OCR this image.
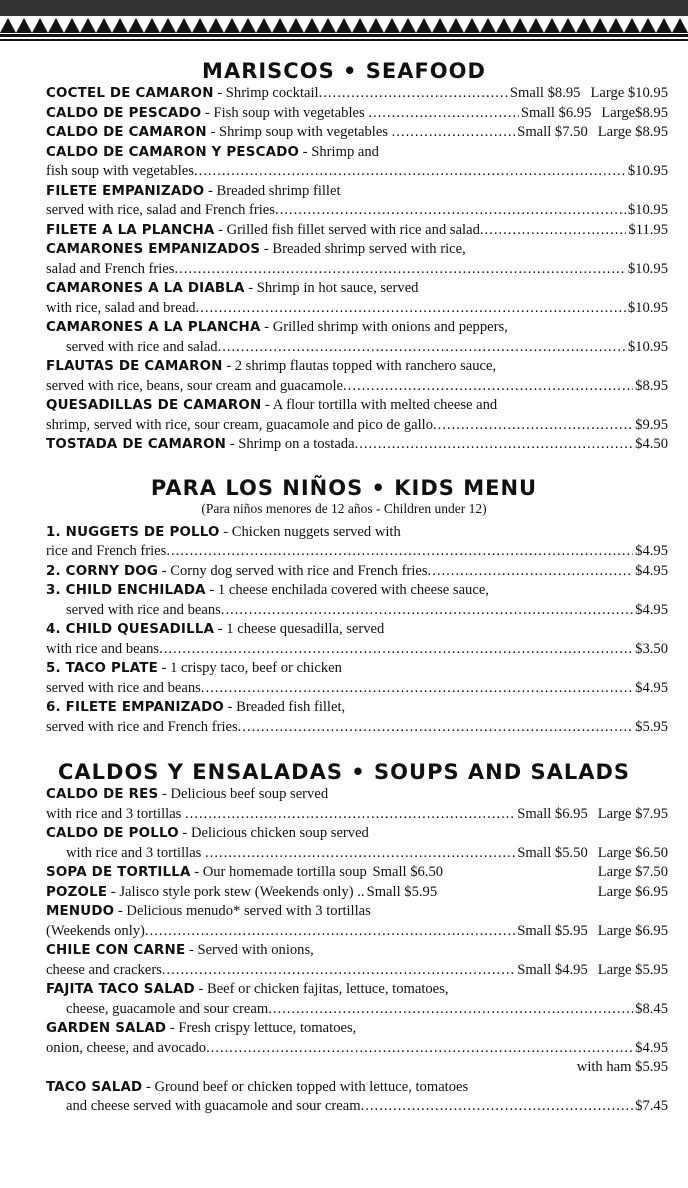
MARISCOS • SEAFOOD
COCTEL DE CAMARON - Shrimp cocktail .....	Small $8.95 Large $10.95
CALDO DE PESCADO - Fish soup with vegetables .....	Small $6.95 Large$8.95
CALDO DE CAMARON - Shrimp soup with vegetables .....	Small $7.50 Large $8.95
CALDO DE CAMARON Y PESCADO - Shrimp and
fish soup with vegetables .....	$10.95
FILETE EMPANIZADO - Breaded shrimp fillet
served with rice, salad and French fries .....	$10.95
FILETE A LA PLANCHA - Grilled fish fillet served with rice and salad .....	$11.95
CAMARONES EMPANIZADOS - Breaded shrimp served with rice,
salad and French fries .....	$10.95
CAMARONES A LA DIABLA - Shrimp in hot sauce, served
with rice, salad and bread .....	$10.95
CAMARONES A LA PLANCHA - Grilled shrimp with onions and peppers,
served with rice and salad .....	$10.95
FLAUTAS DE CAMARON - 2 shrimp flautas topped with ranchero sauce,
served with rice, beans, sour cream and guacamole .....	$8.95
QUESADILLAS DE CAMARON - A flour tortilla with melted cheese and
shrimp, served with rice, sour cream, guacamole and pico de gallo .....	$9.95
TOSTADA DE CAMARON - Shrimp on a tostada .....	$4.50
PARA LOS NIÑOS • KIDS MENU

(Para niños menores de 12 años - Children under 12)

1. NUGGETS DE POLLO - Chicken nuggets served with
rice and French fries .....	$4.95
2. CORNY DOG - Corny dog served with rice and French fries .....	$4.95
3. CHILD ENCHILADA - 1 cheese enchilada covered with cheese sauce,
served with rice and beans .....	$4.95
4. CHILD QUESADILLA - 1 cheese quesadilla, served
with rice and beans .....	$3.50
5. TACO PLATE - 1 crispy taco, beef or chicken
served with rice and beans .....	$4.95
6. FILETE EMPANIZADO - Breaded fish fillet,
served with rice and French fries .....	$5.95
CALDOS Y ENSALADAS • SOUPS AND SALADS
CALDO DE RES - Delicious beef soup served
with rice and 3 tortillas .....	Small $6.95 Large $7.95
CALDO DE POLLO - Delicious chicken soup served
with rice and 3 tortillas .....	Small $5.50 Large $6.50
SOPA DE TORTILLA - Our homemade tortilla soup Small $6.50	Large $7.50
POZOLE - Jalisco style pork stew (Weekends only) .. Small $5.95	Large $6.95
MENUDO - Delicious menudo* served with 3 tortillas
(Weekends only) .....	Small $5.95 Large $6.95
CHILE CON CARNE - Served with onions,
cheese and crackers .....	Small $4.95 Large $5.95
FAJITA TACO SALAD - Beef or chicken fajitas, lettuce, tomatoes,
cheese, guacamole and sour cream .....	$8.45
GARDEN SALAD - Fresh crispy lettuce, tomatoes,
onion, cheese, and avocado .....	$4.95
with ham $5.95
TACO SALAD - Ground beef or chicken topped with lettuce, tomatoes
and cheese served with guacamole and sour cream .....	$7.45
